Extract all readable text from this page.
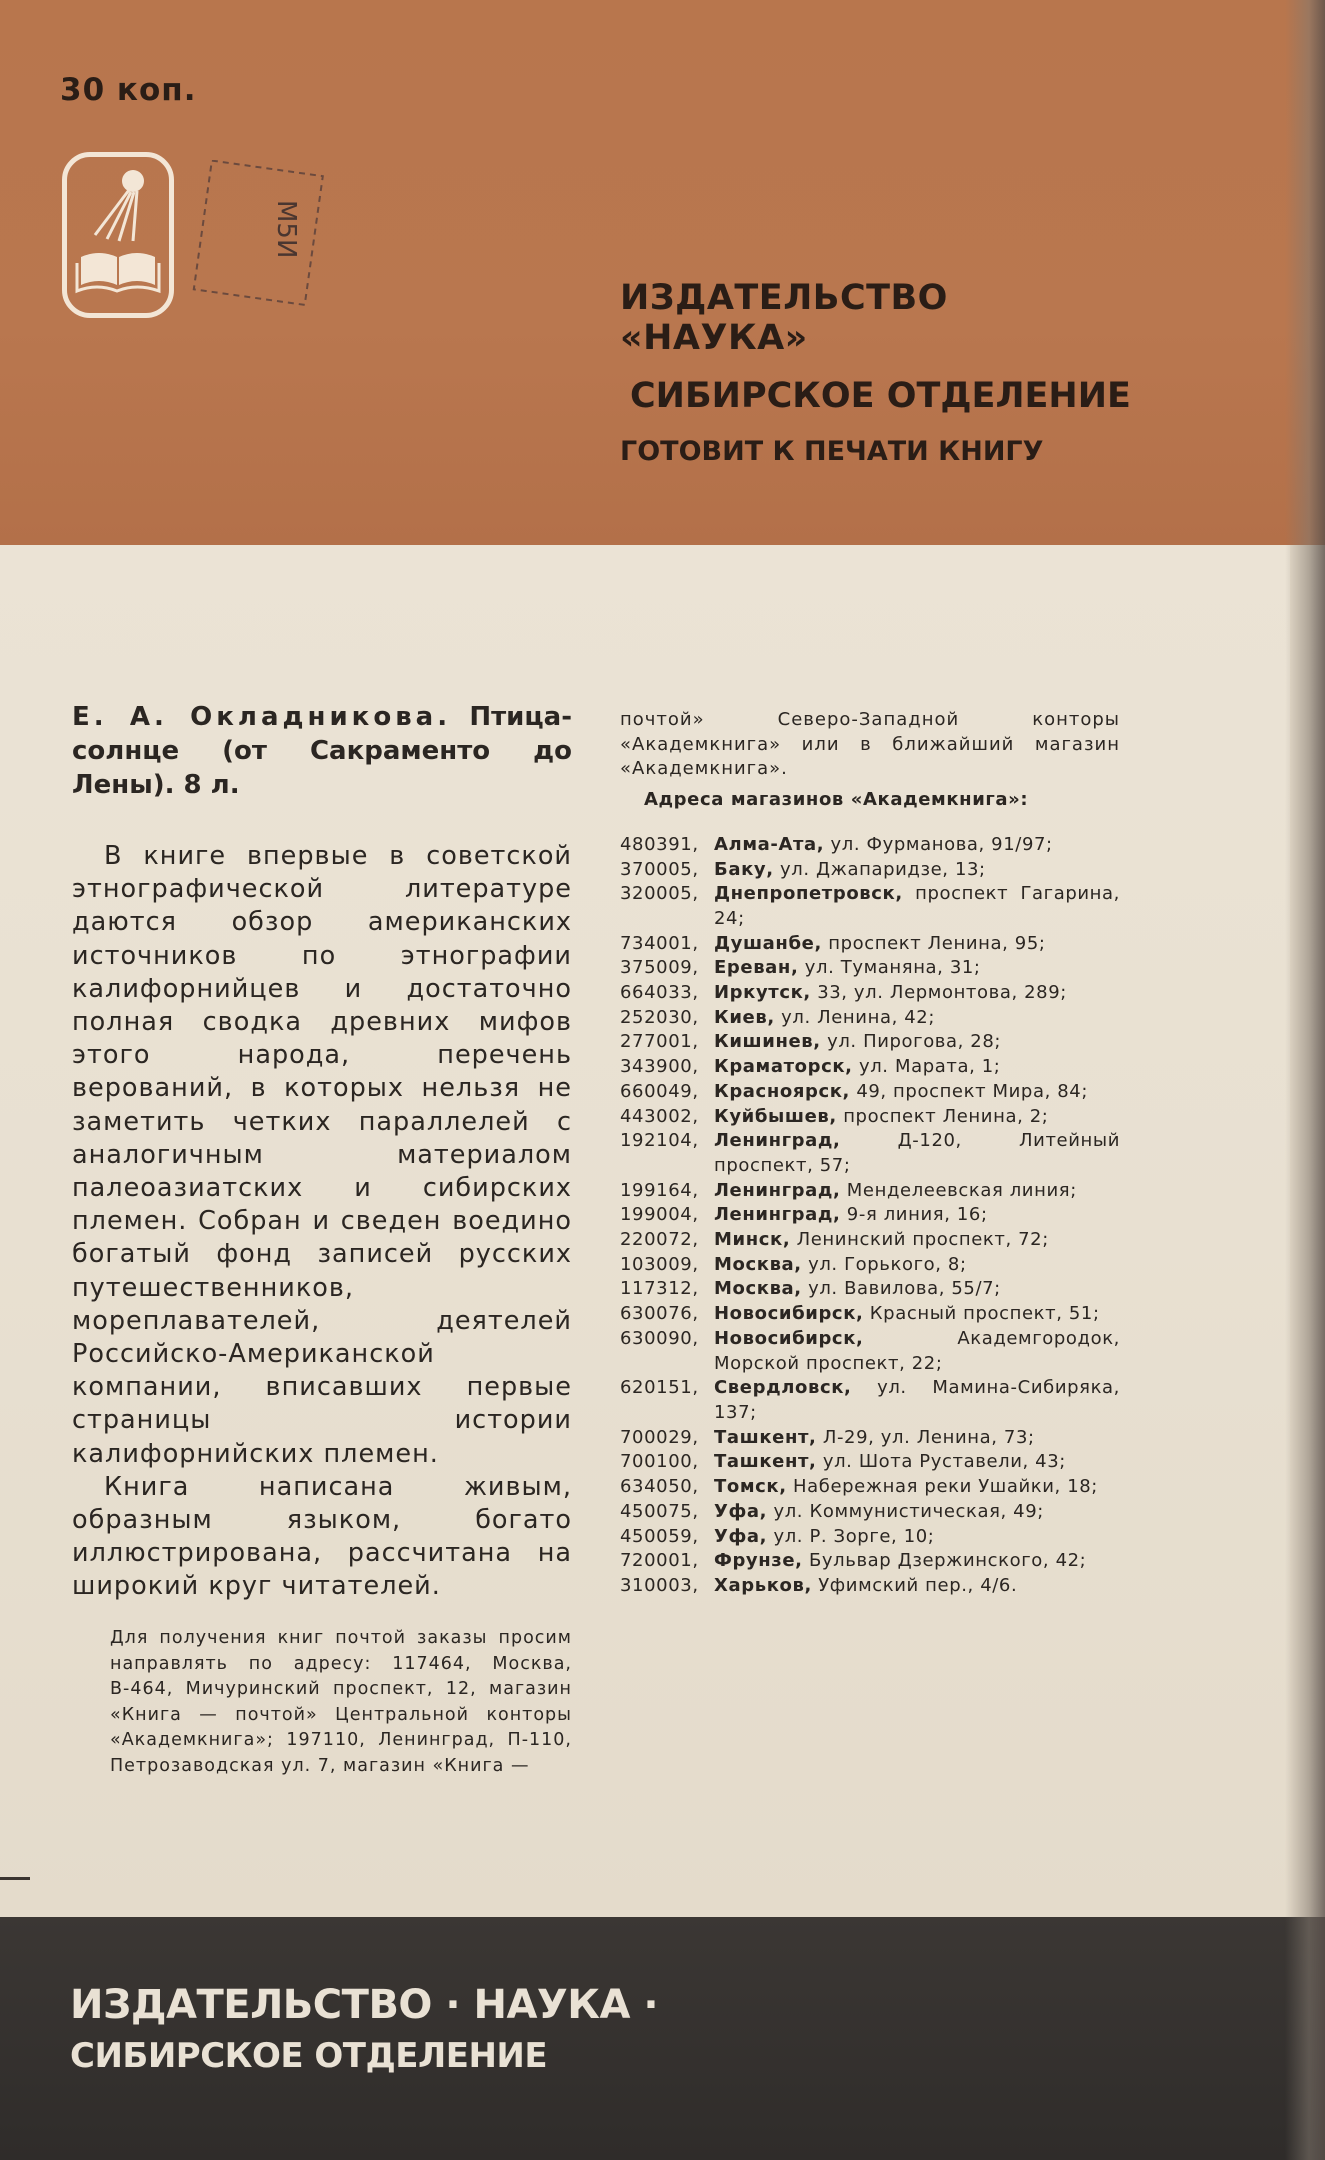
30 коп.
М5И
ИЗДАТЕЛЬСТВО «НАУКА»
СИБИРСКОЕ ОТДЕЛЕНИЕ
ГОТОВИТ К ПЕЧАТИ КНИГУ
Е. А. Окладникова. Птица-солнце (от Сакраменто до Лены). 8 л.

В книге впервые в советской этнографической литературе даются обзор американских источников по этнографии калифорнийцев и достаточно полная сводка древних мифов этого народа, перечень верований, в которых нельзя не заметить четких параллелей с аналогичным материалом палеоазиатских и сибирских племен. Собран и сведен воедино богатый фонд записей русских путешественников, мореплавателей, деятелей Российско-Американской компании, вписавших первые страницы истории калифорнийских племен.

Книга написана живым, образным языком, богато иллюстрирована, рассчитана на широкий круг читателей.

Для получения книг почтой заказы просим направлять по адресу: 117464, Москва, В-464, Мичуринский проспект, 12, магазин «Книга — почтой» Центральной конторы «Академкнига»; 197110, Ленинград, П-110, Петрозаводская ул. 7, магазин «Книга —
почтой» Северо-Западной конторы «Академкнига» или в ближайший магазин «Академкнига».
Адреса магазинов «Академкнига»:
480391, Алма-Ата, ул. Фурманова, 91/97;
370005, Баку, ул. Джапаридзе, 13;
320005, Днепропетровск, проспект Гагарина, 24;
734001, Душанбе, проспект Ленина, 95;
375009, Ереван, ул. Туманяна, 31;
664033, Иркутск, 33, ул. Лермонтова, 289;
252030, Киев, ул. Ленина, 42;
277001, Кишинев, ул. Пирогова, 28;
343900, Краматорск, ул. Марата, 1;
660049, Красноярск, 49, проспект Мира, 84;
443002, Куйбышев, проспект Ленина, 2;
192104, Ленинград,	Д-120, Литейный проспект, 57;
199164, Ленинград, Менделеевская линия;
199004, Ленинград, 9-я линия, 16;
220072, Минск, Ленинский проспект, 72;
103009, Москва, ул. Горького, 8;
117312, Москва, ул. Вавилова, 55/7;
630076, Новосибирск, Красный проспект, 51;
630090, Новосибирск,	Академгородок, Морской проспект, 22;
620151, Свердловск, ул. Мамина-Сибиряка, 137;
700029, Ташкент, Л-29, ул. Ленина, 73;
700100, Ташкент, ул. Шота Руставели, 43;
634050, Томск, Набережная реки Ушайки, 18;
450075, Уфа, ул. Коммунистическая, 49;
450059, Уфа, ул. Р. Зорге, 10;
720001, Фрунзе, Бульвар Дзержинского, 42;
310003, Харьков, Уфимский пер., 4/6.
ИЗДАТЕЛЬСТВО · НАУКА ·
СИБИРСКОЕ ОТДЕЛЕНИЕ
